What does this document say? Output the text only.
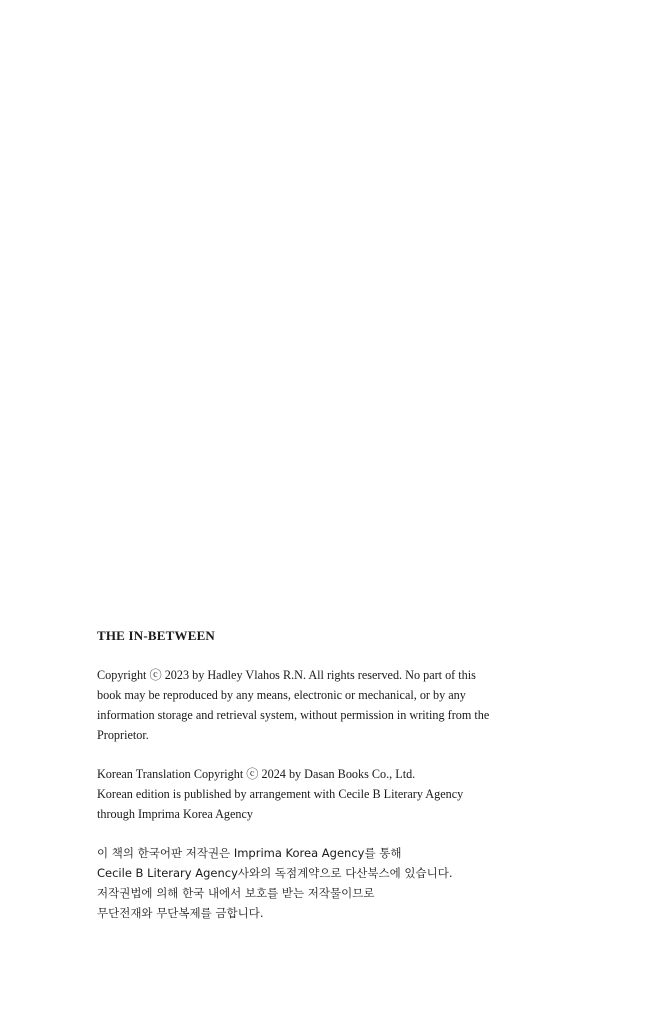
THE IN-BETWEEN

Copyright ⓒ 2023 by Hadley Vlahos R.N. All rights reserved. No part of this
book may be reproduced by any means, electronic or mechanical, or by any
information storage and retrieval system, without permission in writing from the
Proprietor.

Korean Translation Copyright ⓒ 2024 by Dasan Books Co., Ltd.
Korean edition is published by arrangement with Cecile B Literary Agency
through Imprima Korea Agency

이 책의 한국어판 저작권은 Imprima Korea Agency를 통해
Cecile B Literary Agency사와의 독점계약으로 다산북스에 있습니다.
저작권법에 의해 한국 내에서 보호를 받는 저작물이므로
무단전재와 무단복제를 금합니다.
